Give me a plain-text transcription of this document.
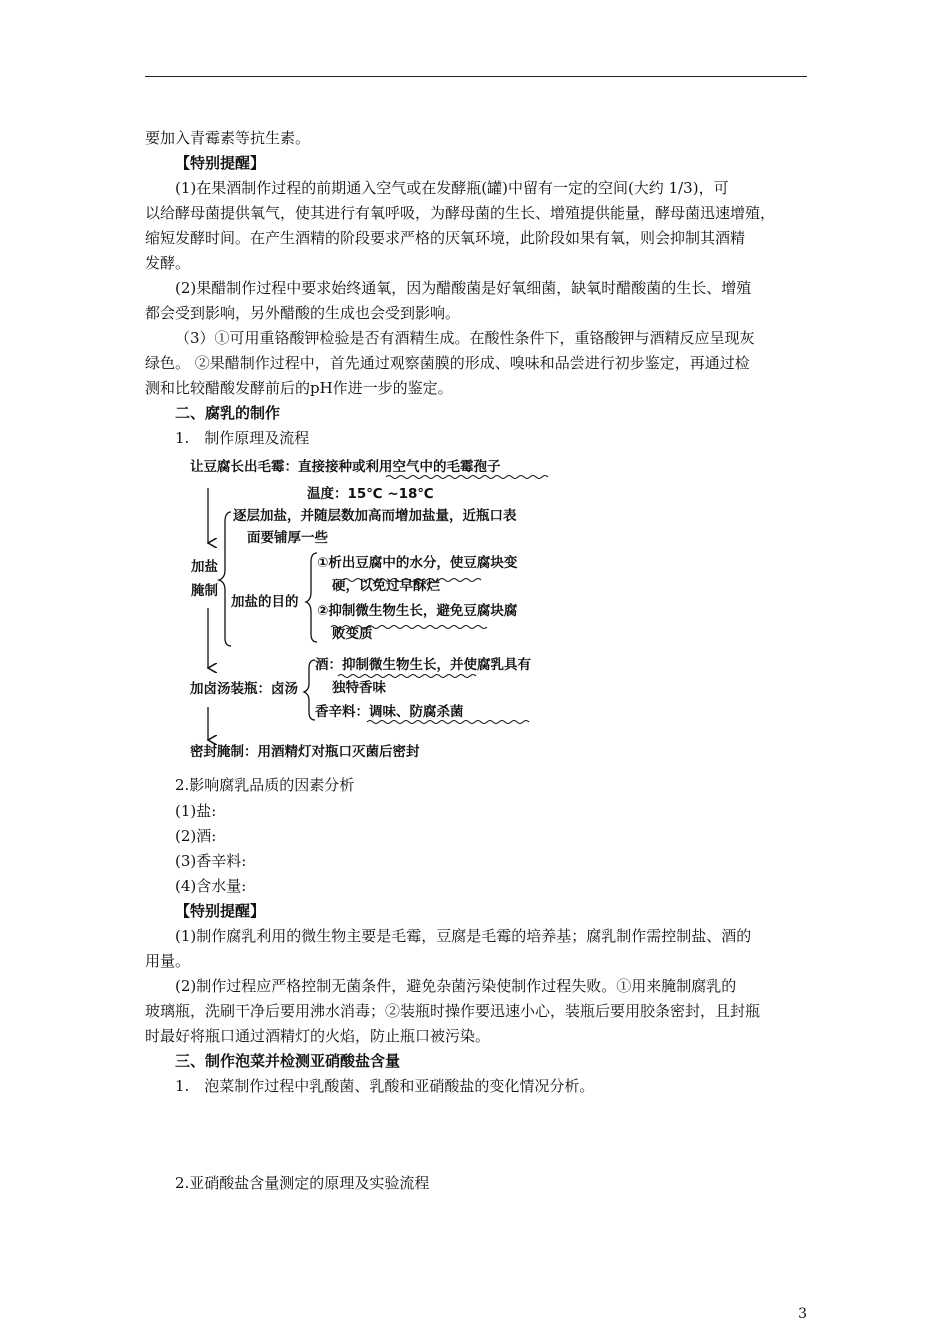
要加入青霉素等抗生素。
【特别提醒】
(1)在果酒制作过程的前期通入空气或在发酵瓶(罐)中留有一定的空间(大约 1/3)，可
以给酵母菌提供氧气，使其进行有氧呼吸，为酵母菌的生长、增殖提供能量，酵母菌迅速增殖，
缩短发酵时间。在产生酒精的阶段要求严格的厌氧环境，此阶段如果有氧，则会抑制其酒精
发酵。
(2)果醋制作过程中要求始终通氧，因为醋酸菌是好氧细菌，缺氧时醋酸菌的生长、增殖
都会受到影响，另外醋酸的生成也会受到影响。
（3）①可用重铬酸钾检验是否有酒精生成。在酸性条件下，重铬酸钾与酒精反应呈现灰
绿色。 ②果醋制作过程中，首先通过观察菌膜的形成、嗅味和品尝进行初步鉴定，再通过检
测和比较醋酸发酵前后的pH作进一步的鉴定。
二、腐乳的制作
1.　制作原理及流程
让豆腐长出毛霉：直接接种或利用空气中的毛霉孢子
温度：15℃ ~18℃
逐层加盐，并随层数加高而增加盐量，近瓶口表
面要铺厚一些
加盐
腌制
加盐的目的
①析出豆腐中的水分，使豆腐块变
硬，以免过早酥烂
②抑制微生物生长，避免豆腐块腐
败变质
加卤汤装瓶：卤汤
酒：抑制微生物生长，并使腐乳具有
独特香味
香辛料：调味、防腐杀菌
密封腌制：用酒精灯对瓶口灭菌后密封
2.影响腐乳品质的因素分析
(1)盐:
(2)酒:
(3)香辛料:
(4)含水量:
【特别提醒】
(1)制作腐乳利用的微生物主要是毛霉，豆腐是毛霉的培养基；腐乳制作需控制盐、酒的
用量。
(2)制作过程应严格控制无菌条件，避免杂菌污染使制作过程失败。①用来腌制腐乳的
玻璃瓶，洗刷干净后要用沸水消毒；②装瓶时操作要迅速小心，装瓶后要用胶条密封，且封瓶
时最好将瓶口通过酒精灯的火焰，防止瓶口被污染。
三、制作泡菜并检测亚硝酸盐含量
1.　泡菜制作过程中乳酸菌、乳酸和亚硝酸盐的变化情况分析。
2.亚硝酸盐含量测定的原理及实验流程
3
